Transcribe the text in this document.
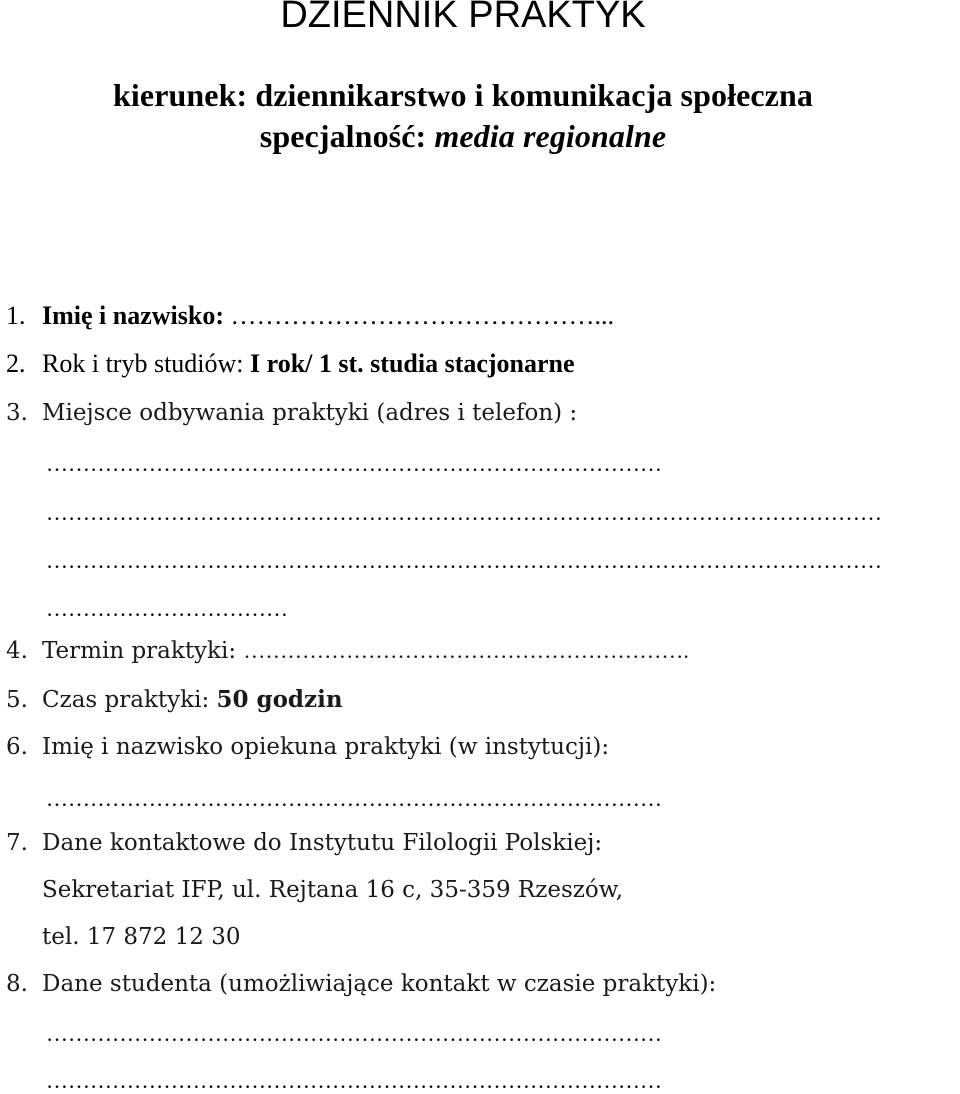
DZIENNIK PRAKTYK
kierunek: dziennikarstwo i komunikacja społeczna
specjalność: media regionalne
1. Imię i nazwisko: ……………………………………...
2. Rok i tryb studiów: I rok/ 1 st. studia stacjonarne
3. Miejsce odbywania praktyki (adres i telefon) :
…………………………………………………………………………
……………………………………………………………………………………………………
……………………………………………………………………………………………………
……………………………
4. Termin praktyki: …………………………………………………….
5. Czas praktyki: 50 godzin
6. Imię i nazwisko opiekuna praktyki (w instytucji):
…………………………………………………………………………
7. Dane kontaktowe do Instytutu Filologii Polskiej:
Sekretariat IFP, ul. Rejtana 16 c, 35-359 Rzeszów,
tel. 17 872 12 30
8. Dane studenta (umożliwiające kontakt w czasie praktyki):
…………………………………………………………………………
…………………………………………………………………………
